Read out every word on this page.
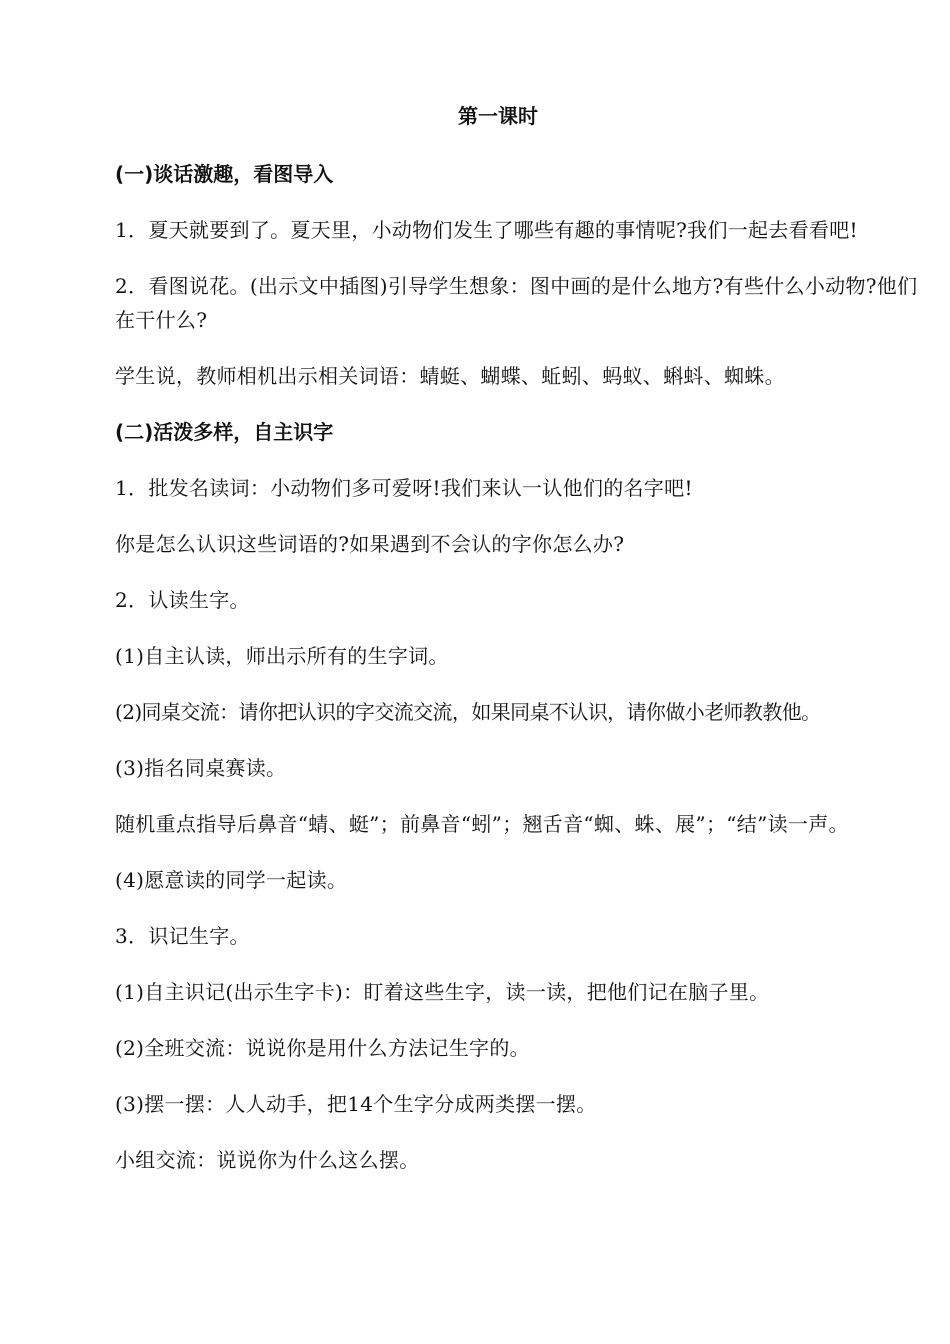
第一课时
(一)谈话激趣，看图导入
1．夏天就要到了。夏天里，小动物们发生了哪些有趣的事情呢?我们一起去看看吧!
2．看图说花。(出示文中插图)引导学生想象：图中画的是什么地方?有些什么小动物?他们在干什么?
学生说，教师相机出示相关词语：蜻蜓、蝴蝶、蚯蚓、蚂蚁、蝌蚪、蜘蛛。
(二)活泼多样，自主识字
1．批发名读词：小动物们多可爱呀!我们来认一认他们的名字吧!
你是怎么认识这些词语的?如果遇到不会认的字你怎么办?
2．认读生字。
(1)自主认读，师出示所有的生字词。
(2)同桌交流：请你把认识的字交流交流，如果同桌不认识，请你做小老师教教他。
(3)指名同桌赛读。
随机重点指导后鼻音“蜻、蜓”；前鼻音“蚓”；翘舌音“蜘、蛛、展”；“结”读一声。
(4)愿意读的同学一起读。
3．识记生字。
(1)自主识记(出示生字卡)：盯着这些生字，读一读，把他们记在脑子里。
(2)全班交流：说说你是用什么方法记生字的。
(3)摆一摆：人人动手，把14个生字分成两类摆一摆。
小组交流：说说你为什么这么摆。
